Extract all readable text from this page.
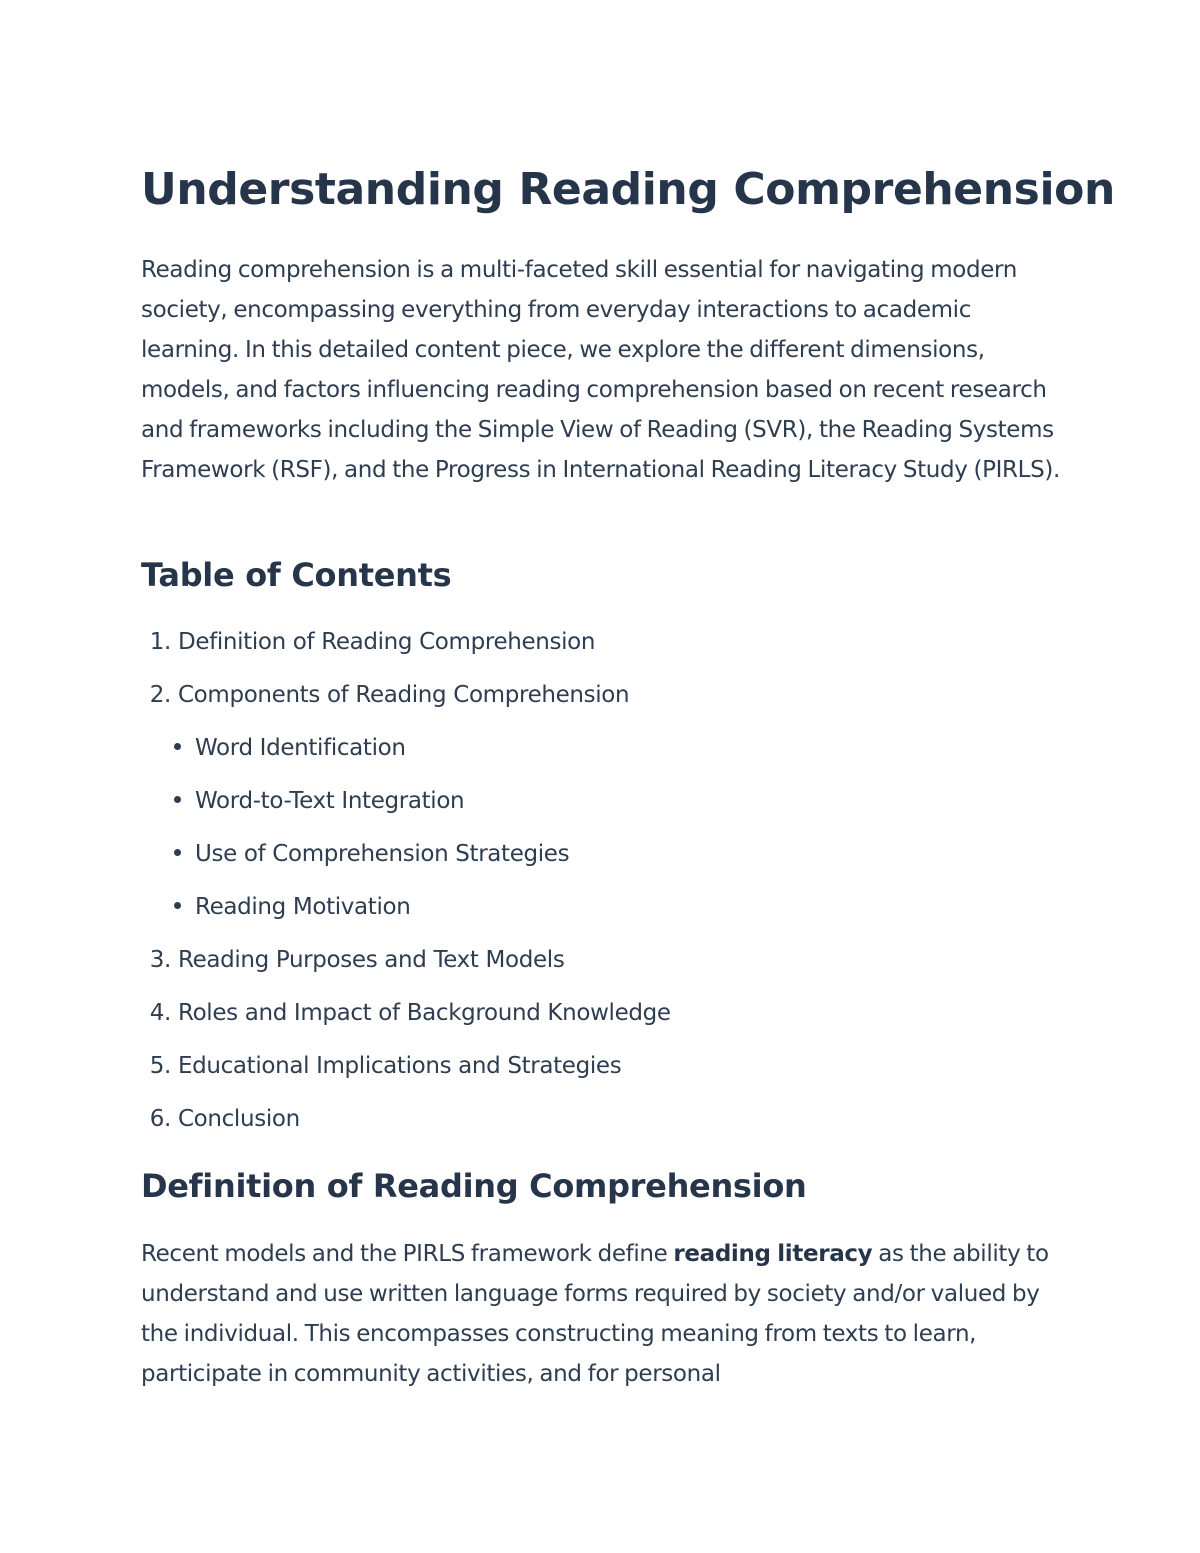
Understanding Reading Comprehension

Reading comprehension is a multi-faceted skill essential for navigating modern society, encompassing everything from everyday interactions to academic learning. In this detailed content piece, we explore the different dimensions, models, and factors influencing reading comprehension based on recent research and frameworks including the Simple View of Reading (SVR), the Reading Systems Framework (RSF), and the Progress in International Reading Literacy Study (PIRLS).

Table of Contents
1. Definition of Reading Comprehension
2. Components of Reading Comprehension
Word Identification
Word-to-Text Integration
Use of Comprehension Strategies
Reading Motivation
3. Reading Purposes and Text Models
4. Roles and Impact of Background Knowledge
5. Educational Implications and Strategies
6. Conclusion
Definition of Reading Comprehension

Recent models and the PIRLS framework define reading literacy as the ability to understand and use written language forms required by society and/or valued by the individual. This encompasses constructing meaning from texts to learn, participate in community activities, and for personal
